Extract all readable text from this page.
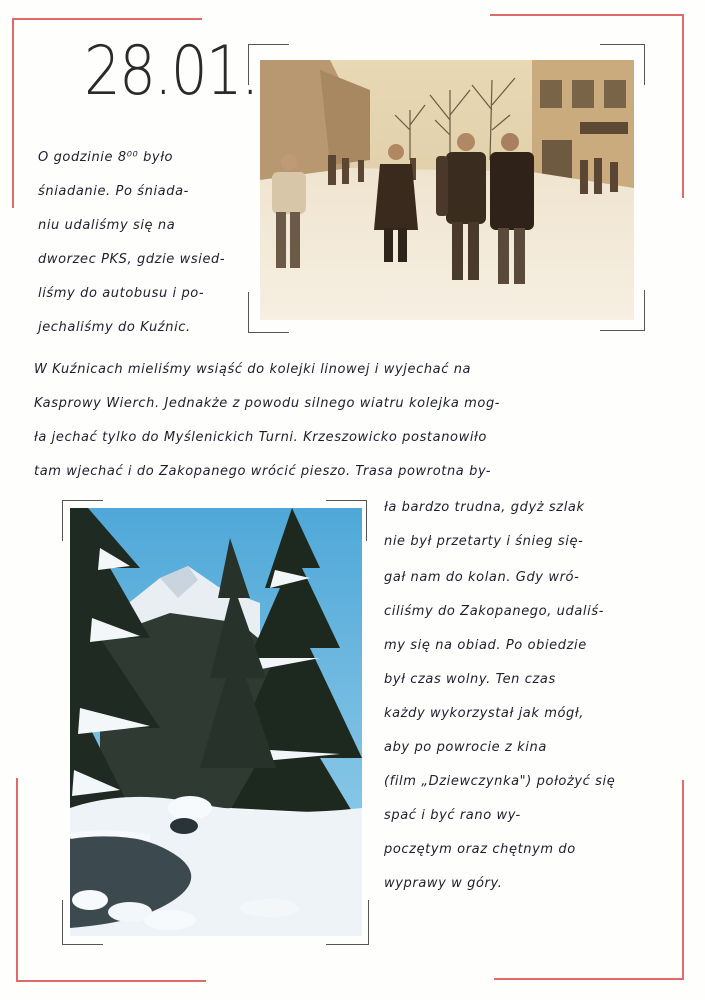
28.01.
O godzinie 8⁰⁰ było
śniadanie. Po śniada-
niu udaliśmy się na
dworzec PKS, gdzie wsied-
liśmy do autobusu i po-
jechaliśmy do Kuźnic.
W Kuźnicach mieliśmy wsiąść do kolejki linowej i wyjechać na
Kasprowy Wierch. Jednakże z powodu silnego wiatru kolejka mog-
ła jechać tylko do Myślenickich Turni. Krzeszowicko postanowiło
tam wjechać i do Zakopanego wrócić pieszo. Trasa powrotna by-
ła bardzo trudna, gdyż szlak
nie był przetarty i śnieg się-
gał nam do kolan. Gdy wró-
ciliśmy do Zakopanego, udaliś-
my się na obiad. Po obiedzie
był czas wolny. Ten czas
każdy wykorzystał jak mógł,
aby po powrocie z kina
(film „Dziewczynka") położyć się
spać i być rano wy-
poczętym oraz chętnym do
wyprawy w góry.
